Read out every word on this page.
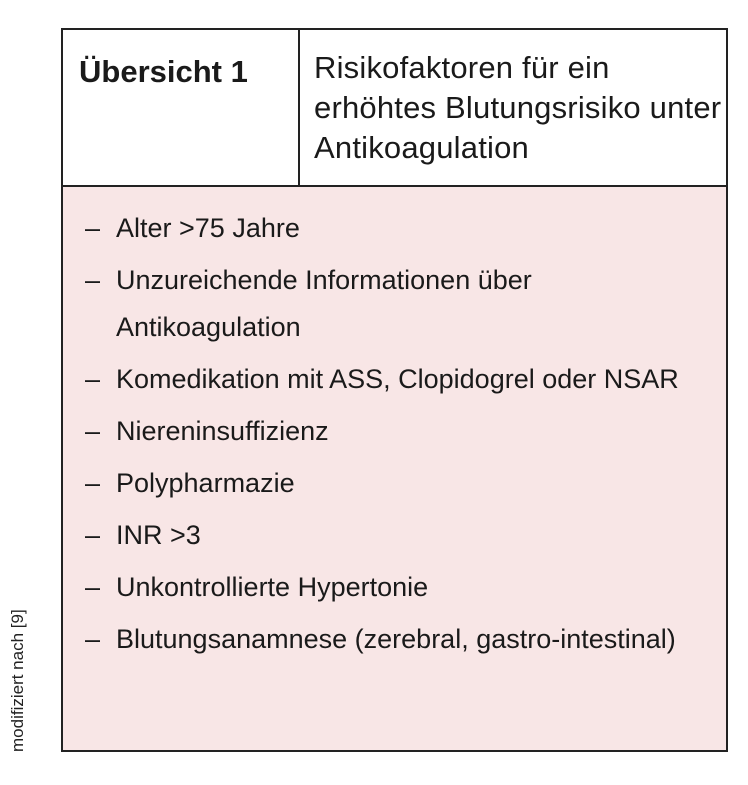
Übersicht 1	Risikofaktoren für ein erhöhtes Blutungsrisiko unter Antikoagulation
– Alter >75 Jahre
– Unzureichende Informationen über Antikoagulation
– Komedikation mit ASS, Clopidogrel oder NSAR
– Niereninsuffizienz
– Polypharmazie
– INR >3
– Unkontrollierte Hypertonie
– Blutungsanamnese (zerebral, gastro-intestinal)
modifiziert nach [9]
